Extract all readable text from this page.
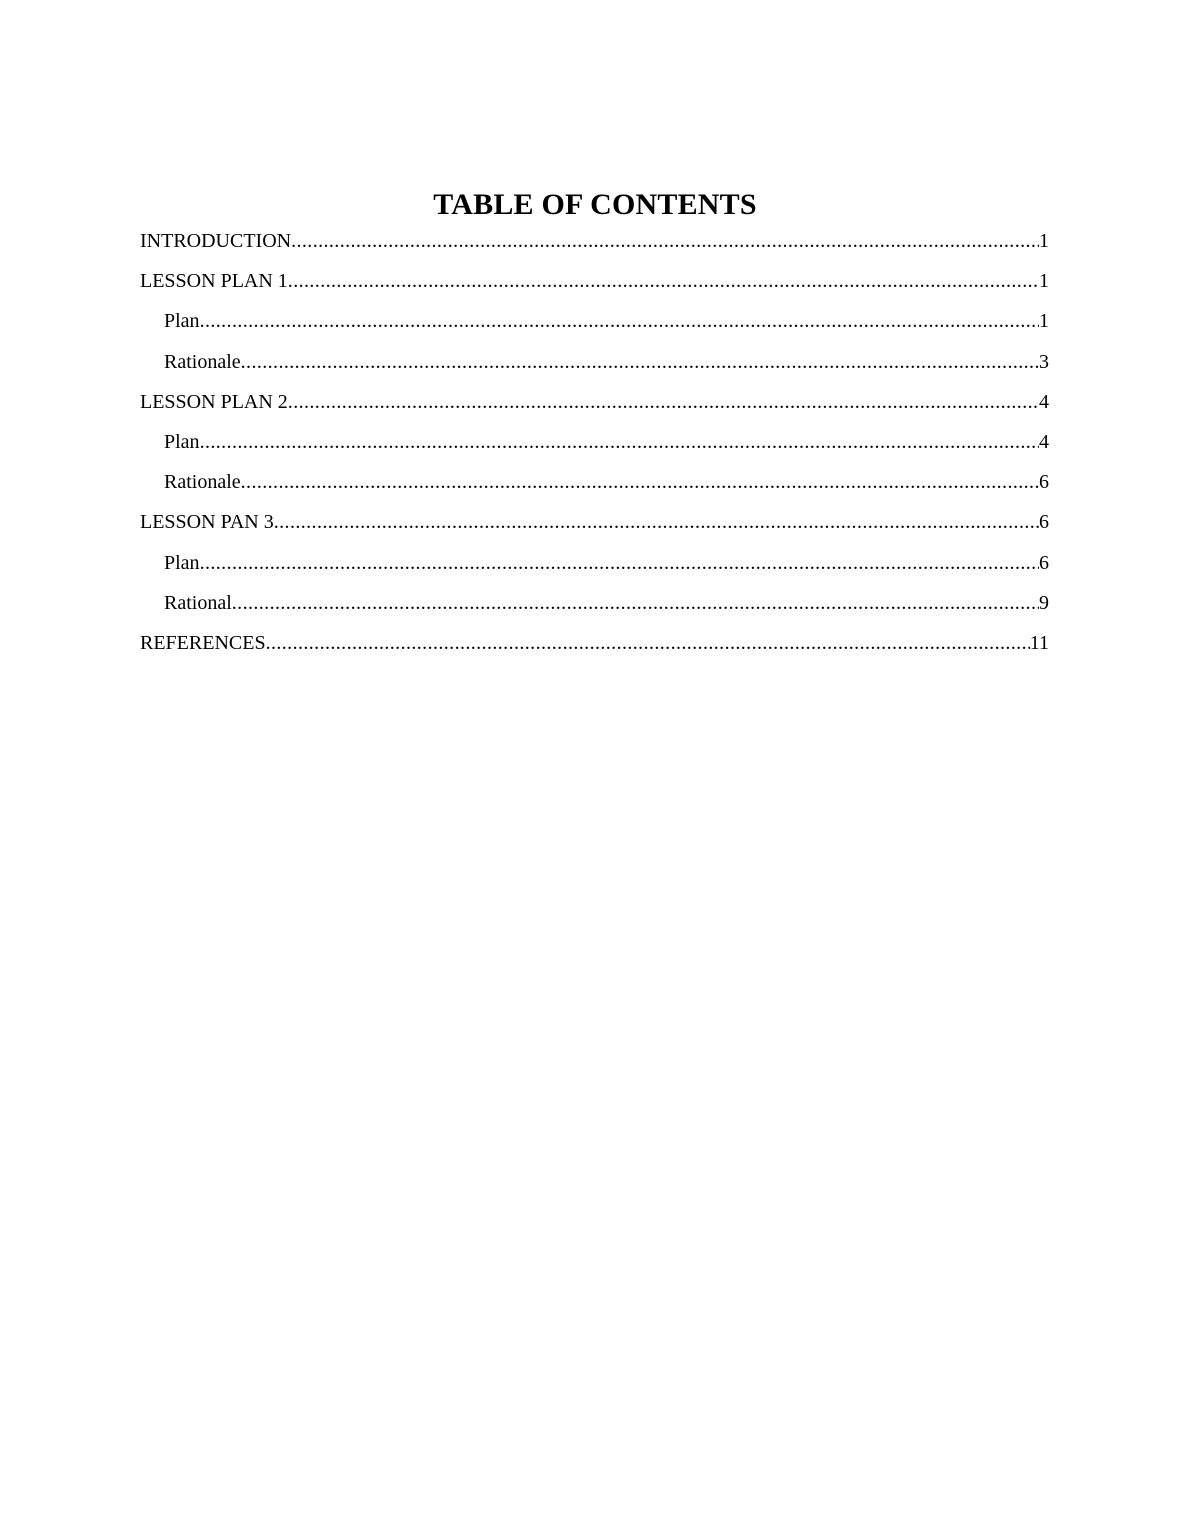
TABLE OF CONTENTS
INTRODUCTION .....	1
LESSON PLAN 1 .....	1
Plan .....	1
Rationale .....	3
LESSON PLAN 2 .....	4
Plan .....	4
Rationale .....	6
LESSON PAN 3 .....	6
Plan .....	6
Rational .....	9
REFERENCES .....	11
